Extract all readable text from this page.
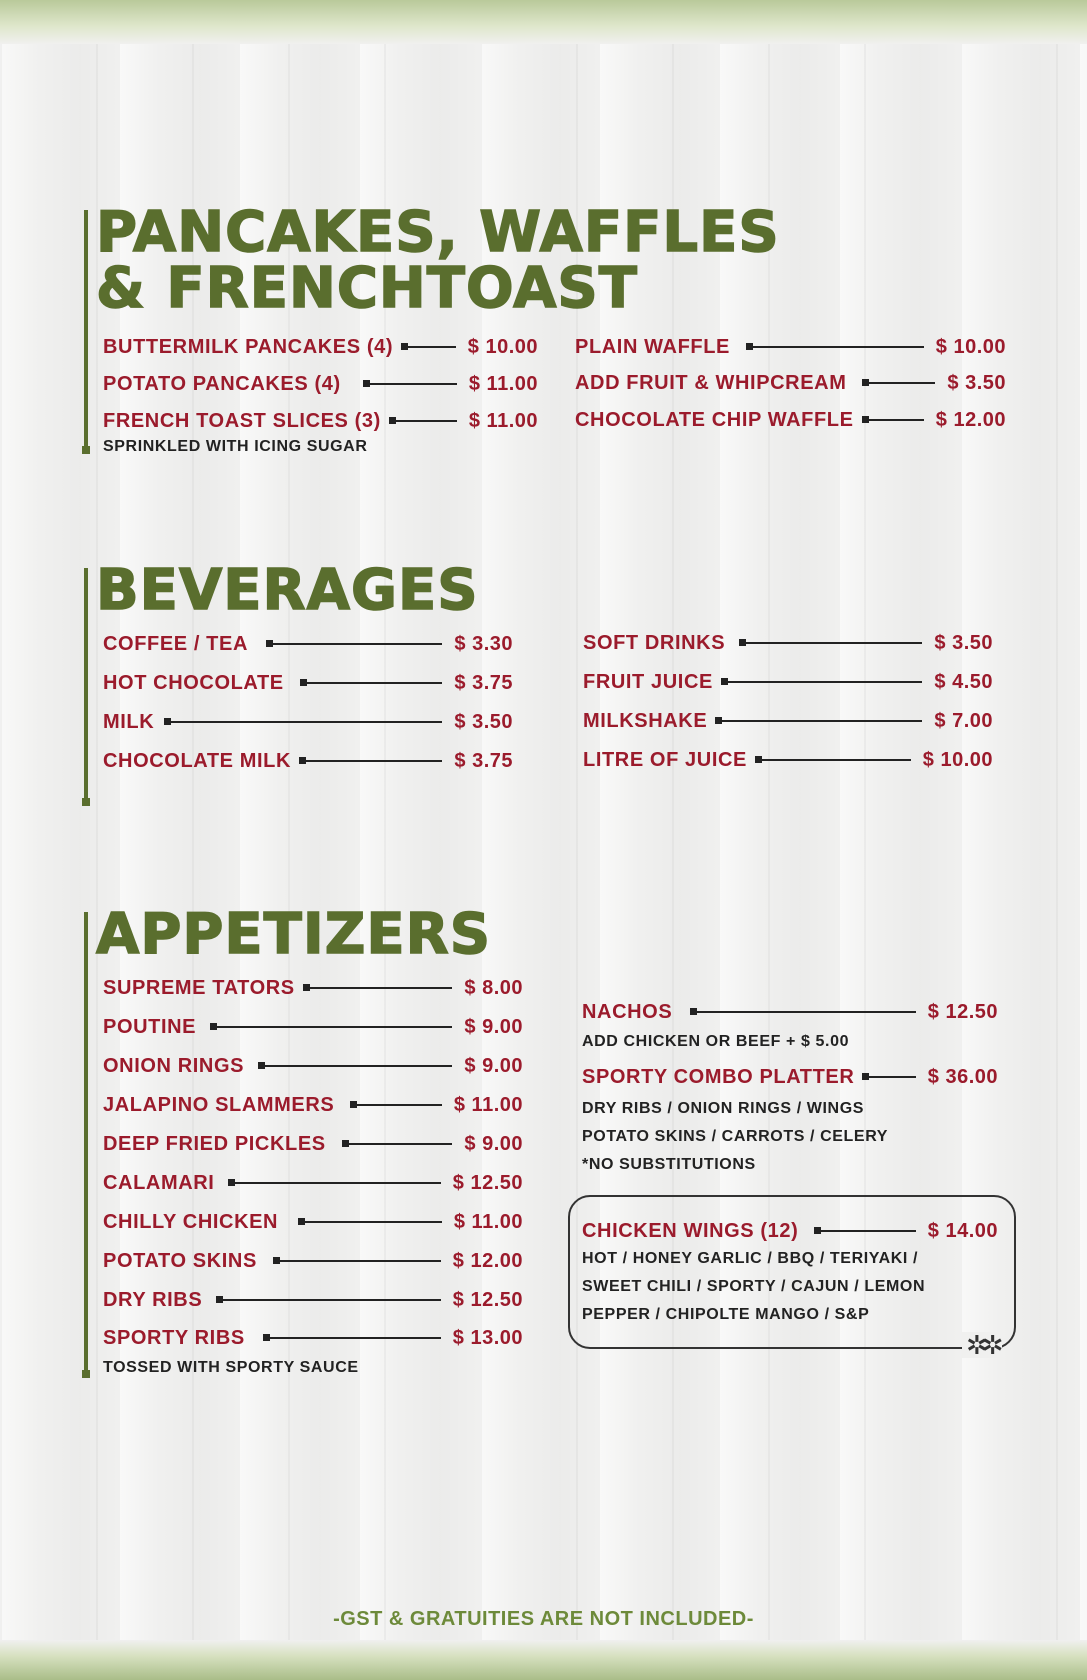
PANCAKES, WAFFLES
& FRENCHTOAST
BUTTERMILK PANCAKES (4)	$ 10.00
POTATO PANCAKES (4)	$ 11.00
FRENCH TOAST SLICES (3)	$ 11.00
SPRINKLED WITH ICING SUGAR
PLAIN WAFFLE	$ 10.00
ADD FRUIT & WHIPCREAM	$ 3.50
CHOCOLATE CHIP WAFFLE	$ 12.00
BEVERAGES
COFFEE / TEA	$ 3.30
HOT CHOCOLATE	$ 3.75
MILK	$ 3.50
CHOCOLATE MILK	$ 3.75
SOFT DRINKS	$ 3.50
FRUIT JUICE	$ 4.50
MILKSHAKE	$ 7.00
LITRE OF JUICE	$ 10.00
APPETIZERS
SUPREME TATORS	$ 8.00
POUTINE	$ 9.00
ONION RINGS	$ 9.00
JALAPINO SLAMMERS	$ 11.00
DEEP FRIED PICKLES	$ 9.00
CALAMARI	$ 12.50
CHILLY CHICKEN	$ 11.00
POTATO SKINS	$ 12.00
DRY RIBS	$ 12.50
SPORTY RIBS	$ 13.00
TOSSED WITH SPORTY SAUCE
NACHOS	$ 12.50
ADD CHICKEN OR BEEF + $ 5.00
SPORTY COMBO PLATTER	$ 36.00
DRY RIBS / ONION RINGS / WINGS
POTATO SKINS / CARROTS / CELERY
*NO SUBSTITUTIONS
CHICKEN WINGS (12)	$ 14.00
HOT / HONEY GARLIC / BBQ / TERIYAKI /
SWEET CHILI / SPORTY / CAJUN / LEMON
PEPPER / CHIPOLTE MANGO / S&P
✲✲
-GST & GRATUITIES ARE NOT INCLUDED-
